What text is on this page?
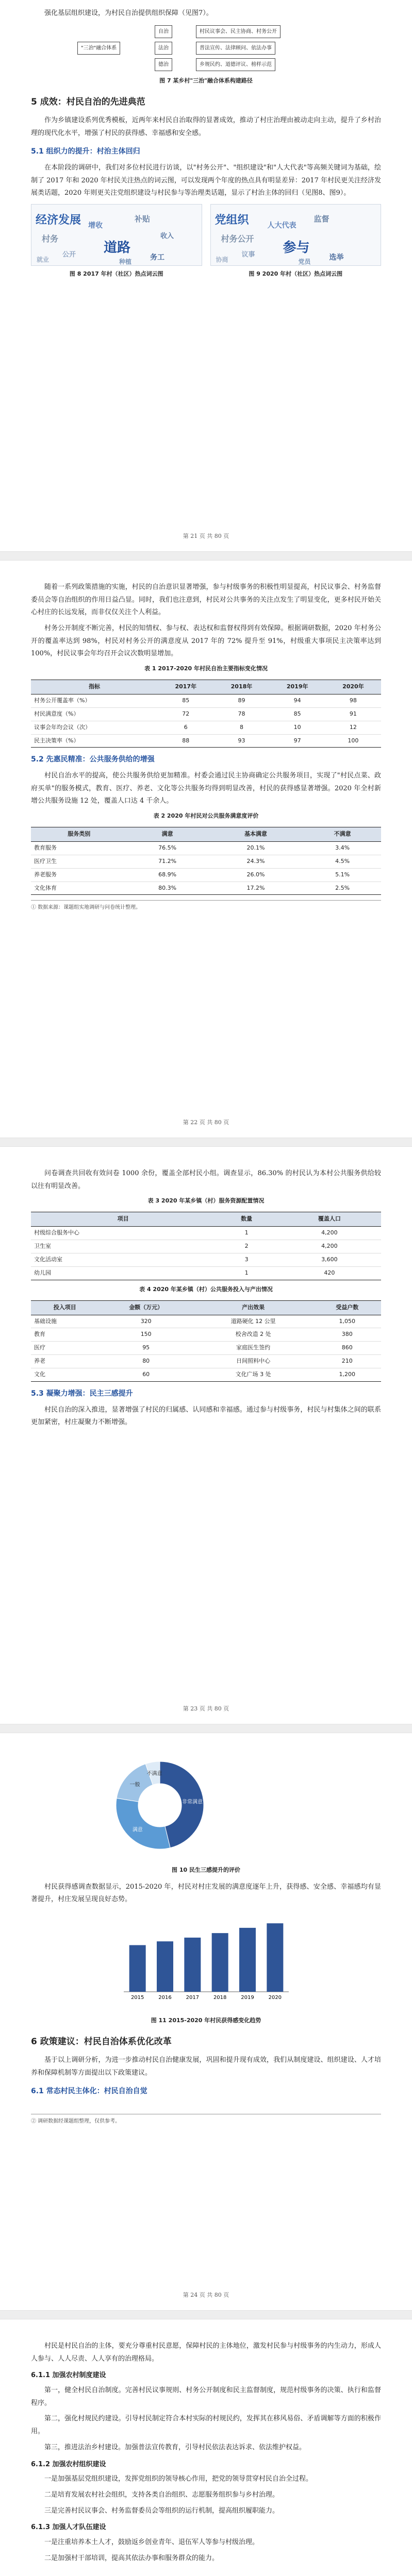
强化基层组织建设，为村民自治提供组织保障（见图7）。

"三治"融合体系
自治
法治
德治
村民议事会、民主协商、村务公开
普法宣传、法律顾问、依法办事
乡规民约、道德评议、榜样示范
图 7 某乡村"三治"融合体系构建路径
5 成效：村民自治的先进典范

作为乡镇建设系列优秀模板，近两年来村民自治取得的显著成效，推动了村庄治理由被动走向主动，提升了乡村治理的现代化水平，增强了村民的获得感、幸福感和安全感。

5.1 组织力的提升：村治主体回归

在本阶段的调研中，我们对多位村民进行访谈，以"村务公开"、"组织建设"和"人大代表"等高频关键词为基础，绘制了 2017 年和 2020 年村民关注热点的词云图，可以发现两个年度的热点具有明显差异：2017 年村民更关注经济发展类话题，2020 年则更关注党组织建设与村民参与等治理类话题，显示了村治主体的回归（见图8、图9）。

经济发展 增收
村务
道路
公开
补贴
务工
就业	种植
收入
图 8 2017 年村（社区）热点词云图
党组织	人大代表
村务公开
参与
议事
监督
选举
协商	党员
图 9 2020 年村（社区）热点词云图
第 21 页 共 80 页

随着一系列政策措施的实施，村民的自治意识显著增强，参与村级事务的积极性明显提高，村民议事会、村务监督委员会等自治组织的作用日益凸显。同时，我们也注意到，村民对公共事务的关注点发生了明显变化，更多村民开始关心村庄的长远发展，而非仅仅关注个人利益。

村务公开制度不断完善，村民的知情权、参与权、表达权和监督权得到有效保障。根据调研数据，2020 年村务公开的覆盖率达到 98%，村民对村务公开的满意度从 2017 年的 72% 提升至 91%，村级重大事项民主决策率达到 100%，村民议事会年均召开会议次数明显增加。

表 1 2017-2020 年村民自治主要指标变化情况
指标	2017年	2018年	2019年	2020年
村务公开覆盖率（%）	85	89	94	98
村民满意度（%）	72	78	85	91
议事会年均会议（次）	6	8	10	12
民主决策率（%）	88	93	97	100
5.2 先惠民精准：公共服务供给的增强

村民自治水平的提高，使公共服务供给更加精准。村委会通过民主协商确定公共服务项目，实现了"村民点菜、政府买单"的服务模式，教育、医疗、养老、文化等公共服务均得到明显改善，村民的获得感显著增强。2020 年全村新增公共服务设施 12 处，覆盖人口达 4 千余人。

表 2 2020 年村民对公共服务满意度评价
服务类别	满意	基本满意	不满意
教育服务	76.5%	20.1%	3.4%
医疗卫生	71.2%	24.3%	4.5%
养老服务	68.9%	26.0%	5.1%
文化体育	80.3%	17.2%	2.5%
① 数据来源：课题组实地调研与问卷统计整理。
第 22 页 共 80 页

问卷调查共回收有效问卷 1000 余份，覆盖全部村民小组。调查显示，86.30% 的村民认为本村公共服务供给较以往有明显改善。

表 3 2020 年某乡镇（村）服务资源配置情况
项目	数量	覆盖人口
村级综合服务中心	1	4,200
卫生室	2	4,200
文化活动室	3	3,600
幼儿园	1	420
表 4 2020 年某乡镇（村）公共服务投入与产出情况
投入项目	金额（万元）	产出效果	受益户数
基础设施	320	道路硬化 12 公里	1,050
教育	150	校舍改造 2 处	380
医疗	95	家庭医生签约	860
养老	80	日间照料中心	210
文化	60	文化广场 3 处	1,200
5.3 凝聚力增强：民主三感提升

村民自治的深入推进，显著增强了村民的归属感、认同感和幸福感。通过参与村级事务，村民与村集体之间的联系更加紧密，村庄凝聚力不断增强。

第 23 页 共 80 页
非常满意
满意
一般
不满意
图 10 民生三感提升的评价

村民获得感调查数据显示，2015-2020 年，村民对村庄发展的满意度逐年上升，获得感、安全感、幸福感均有显著提升，村庄发展呈现良好态势。

2015	2016	2017	2018	2019	2020
图 11 2015-2020 年村民获得感变化趋势
6 政策建议：村民自治体系优化改革

基于以上调研分析，为进一步推动村民自治健康发展，巩固和提升现有成效，我们从制度建设、组织建设、人才培养和保障机制等方面提出以下政策建议。

6.1 常态村民主体化：村民自治自觉
② 调研数据经课题组整理，仅供参考。
第 24 页 共 80 页

村民是村民自治的主体，要充分尊重村民意愿，保障村民的主体地位，激发村民参与村级事务的内生动力，形成人人参与、人人尽责、人人享有的治理格局。

6.1.1 加强农村制度建设

第一，健全村民自治制度。完善村民议事规则、村务公开制度和民主监督制度，规范村级事务的决策、执行和监督程序。

第二，强化村规民约建设。引导村民制定符合本村实际的村规民约，发挥其在移风易俗、矛盾调解等方面的积极作用。

第三，推进法治乡村建设。加强普法宣传教育，引导村民依法表达诉求、依法维护权益。

6.1.2 加强农村组织建设

一是加强基层党组织建设，发挥党组织的领导核心作用，把党的领导贯穿村民自治全过程。

二是培育发展农村社会组织，支持各类自治组织、志愿服务组织参与乡村治理。

三是完善村民议事会、村务监督委员会等组织的运行机制，提高组织履职能力。

6.1.3 加强人才队伍建设

一是注重培养本土人才，鼓励返乡创业青年、退伍军人等参与村级治理。

二是加强村干部培训，提高其依法办事和服务群众的能力。
